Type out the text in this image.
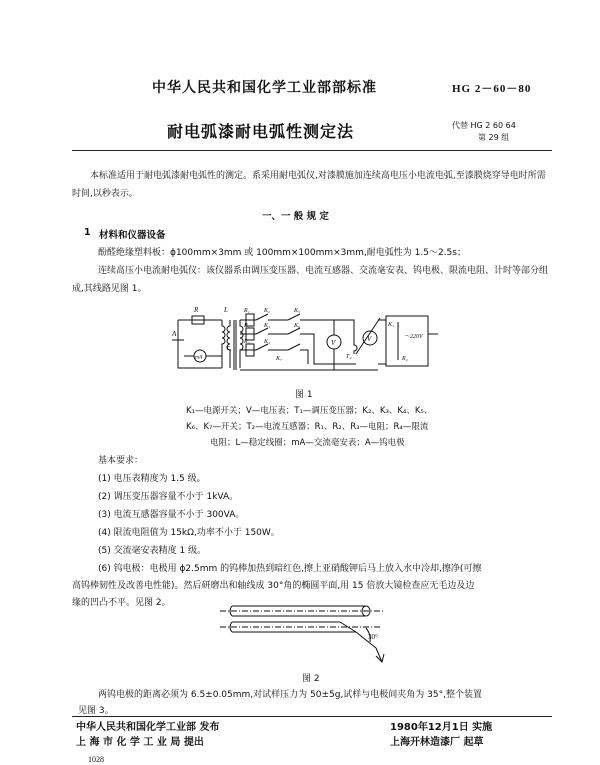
中华人民共和国化学工业部部标准	HG 2－60－80
耐电弧漆耐电弧性测定法	代替 HG 2 60 64
第 29 组
本标准适用于耐电弧漆耐电弧性的测定。系采用耐电弧仪,对漆膜施加连续高电压小电流电弧,至漆膜烧穿导电时所需时间,以秒表示。
一、一 般 规 定
1 材料和仪器设备
酚醛绝缘塑料板：ϕ100mm×3mm 或 100mm×100mm×3mm,耐电弧性为 1.5～2.5s；
连续高压小电流耐电弧仪：该仪器系由调压变压器、电流互感器、交流毫安表、钨电极、限流电阻、计时等部分组成,其线路见图 1。
R	L
A
mA
T₁
R₁
R₂
R₃
K₂
K₃
K₄
K₅
K₆
K₇
V
T₂
V
K₁
～220V
R₄
图 1
K₁—电源开关；V—电压表；T₁—调压变压器；K₂、K₃、K₄、K₅、
K₆、K₇—开关；T₂—电流互感器；R₁、R₂、R₃—电阻；R₄—限流
电阻；L—稳定线圈；mA—交流毫安表；A—钨电极
基本要求：
(1) 电压表精度为 1.5 级。
(2) 调压变压器容量不小于 1kVA。
(3) 电流互感器容量不小于 300VA。
(4) 限流电阻值为 15kΩ,功率不小于 150W。
(5) 交流毫安表精度 1 级。
(6) 钨电极：电极用 ϕ2.5mm 的钨棒加热到暗红色,擦上亚硝酸钾后马上放入水中冷却,擦净(可擦
高钨棒韧性及改善电性能)。然后研磨出和轴线成 30°角的椭圆平面,用 15 倍放大镜检查应无毛边及边
缘的凹凸不平。见图 2。
30°
图 2
两钨电极的距离必须为 6.5±0.05mm,对试样压力为 50±5g,试样与电极间夹角为 35°,整个装置
见图 3。
中华人民共和国化学工业部 发布
上 海 市 化 学 工 业 局 提出
1980年12月1日 实施
上海开林造漆厂 起草
1028
